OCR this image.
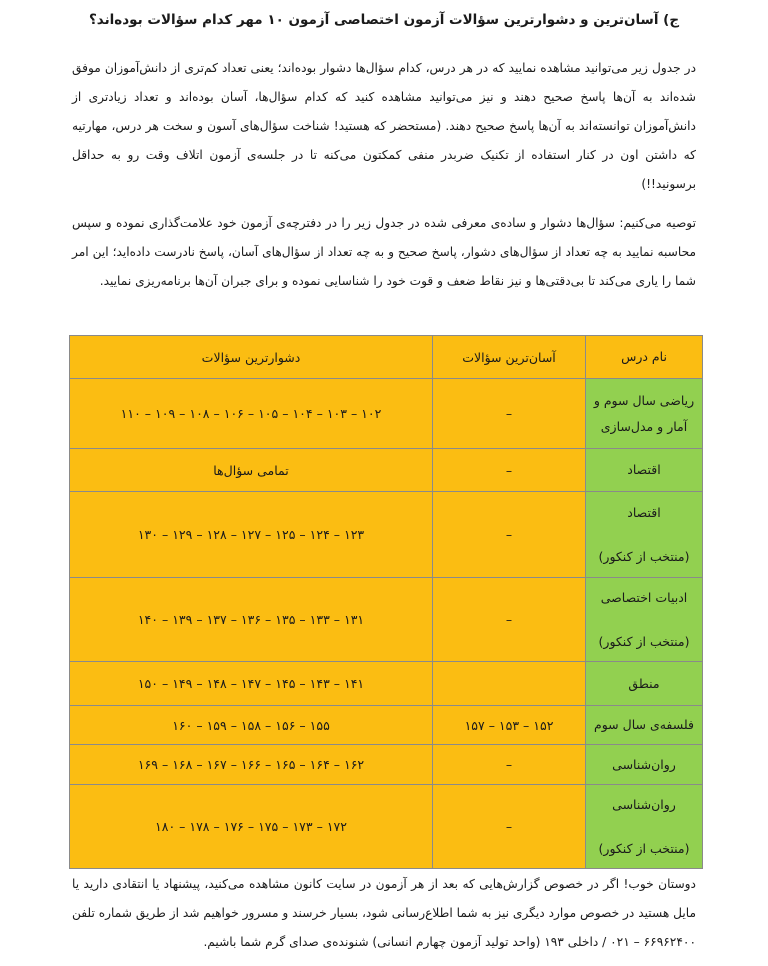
ج) آسان‌ترین و دشوارترین سؤالات آزمون اختصاصی آزمون ۱۰ مهر کدام سؤالات بوده‌اند؟
در جدول زیر می‌توانید مشاهده نمایید که در هر درس، کدام سؤال‌ها دشوار بوده‌اند؛ یعنی تعداد کم‌تری از دانش‌آموزان موفق شده‌اند به آن‌ها پاسخ صحیح دهند و نیز می‌توانید مشاهده کنید که کدام سؤال‌ها، آسان بوده‌اند و تعداد زیادتری از دانش‌آموزان توانسته‌اند به آن‌ها پاسخ صحیح دهند. (مستحضر که هستید! شناخت سؤال‌های آسون و سخت هر درس، مهارتیه که داشتن اون در کنار استفاده از تکنیک ضربدر منفی کمکتون می‌کنه تا در جلسه‌ی آزمون اتلاف وقت رو به حداقل برسونید!!)
توصیه می‌کنیم: سؤال‌ها دشوار و ساده‌ی معرفی شده در جدول زیر را در دفترچه‌ی آزمون خود علامت‌گذاری نموده و سپس محاسبه نمایید به چه تعداد از سؤال‌های دشوار، پاسخ صحیح و به چه تعداد از سؤال‌های آسان، پاسخ نادرست داده‌اید؛ این امر شما را یاری می‌کند تا بی‌دقتی‌ها و نیز نقاط ضعف و قوت خود را شناسایی نموده و برای جبران آن‌ها برنامه‌ریزی نمایید.
نام درس	آسان‌ترین سؤالات	دشوارترین سؤالات
ریاضی سال سوم و
آمار و مدل‌سازی	–	۱۰۲ – ۱۰۳ – ۱۰۴ – ۱۰۵ – ۱۰۶ – ۱۰۸ – ۱۰۹ – ۱۱۰
اقتصاد	–	تمامی سؤال‌ها
اقتصاد

(منتخب از کنکور)	–	۱۲۳ – ۱۲۴ – ۱۲۵ – ۱۲۷ – ۱۲۸ – ۱۲۹ – ۱۳۰
ادبیات اختصاصی

(منتخب از کنکور)	–	۱۳۱ – ۱۳۳ – ۱۳۵ – ۱۳۶ – ۱۳۷ – ۱۳۹ – ۱۴۰
منطق		۱۴۱ – ۱۴۳ – ۱۴۵ – ۱۴۷ – ۱۴۸ – ۱۴۹ – ۱۵۰
فلسفه‌ی سال سوم	۱۵۲ – ۱۵۳ – ۱۵۷	۱۵۵ – ۱۵۶ – ۱۵۸ – ۱۵۹ – ۱۶۰
روان‌شناسی	–	۱۶۲ – ۱۶۴ – ۱۶۵ – ۱۶۶ – ۱۶۷ – ۱۶۸ – ۱۶۹
روان‌شناسی

(منتخب از کنکور)	–	۱۷۲ – ۱۷۳ – ۱۷۵ – ۱۷۶ – ۱۷۸ – ۱۸۰
دوستان خوب! اگر در خصوص گزارش‌هایی که بعد از هر آزمون در سایت کانون مشاهده می‌کنید، پیشنهاد یا انتقادی دارید یا مایل هستید در خصوص موارد دیگری نیز به شما اطلاع‌رسانی شود، بسیار خرسند و مسرور خواهیم شد از طریق شماره تلفن ۶۶۹۶۲۴۰۰ – ۰۲۱ / داخلی ۱۹۳ (واحد تولید آزمون چهارم انسانی) شنونده‌ی صدای گرم شما باشیم.
